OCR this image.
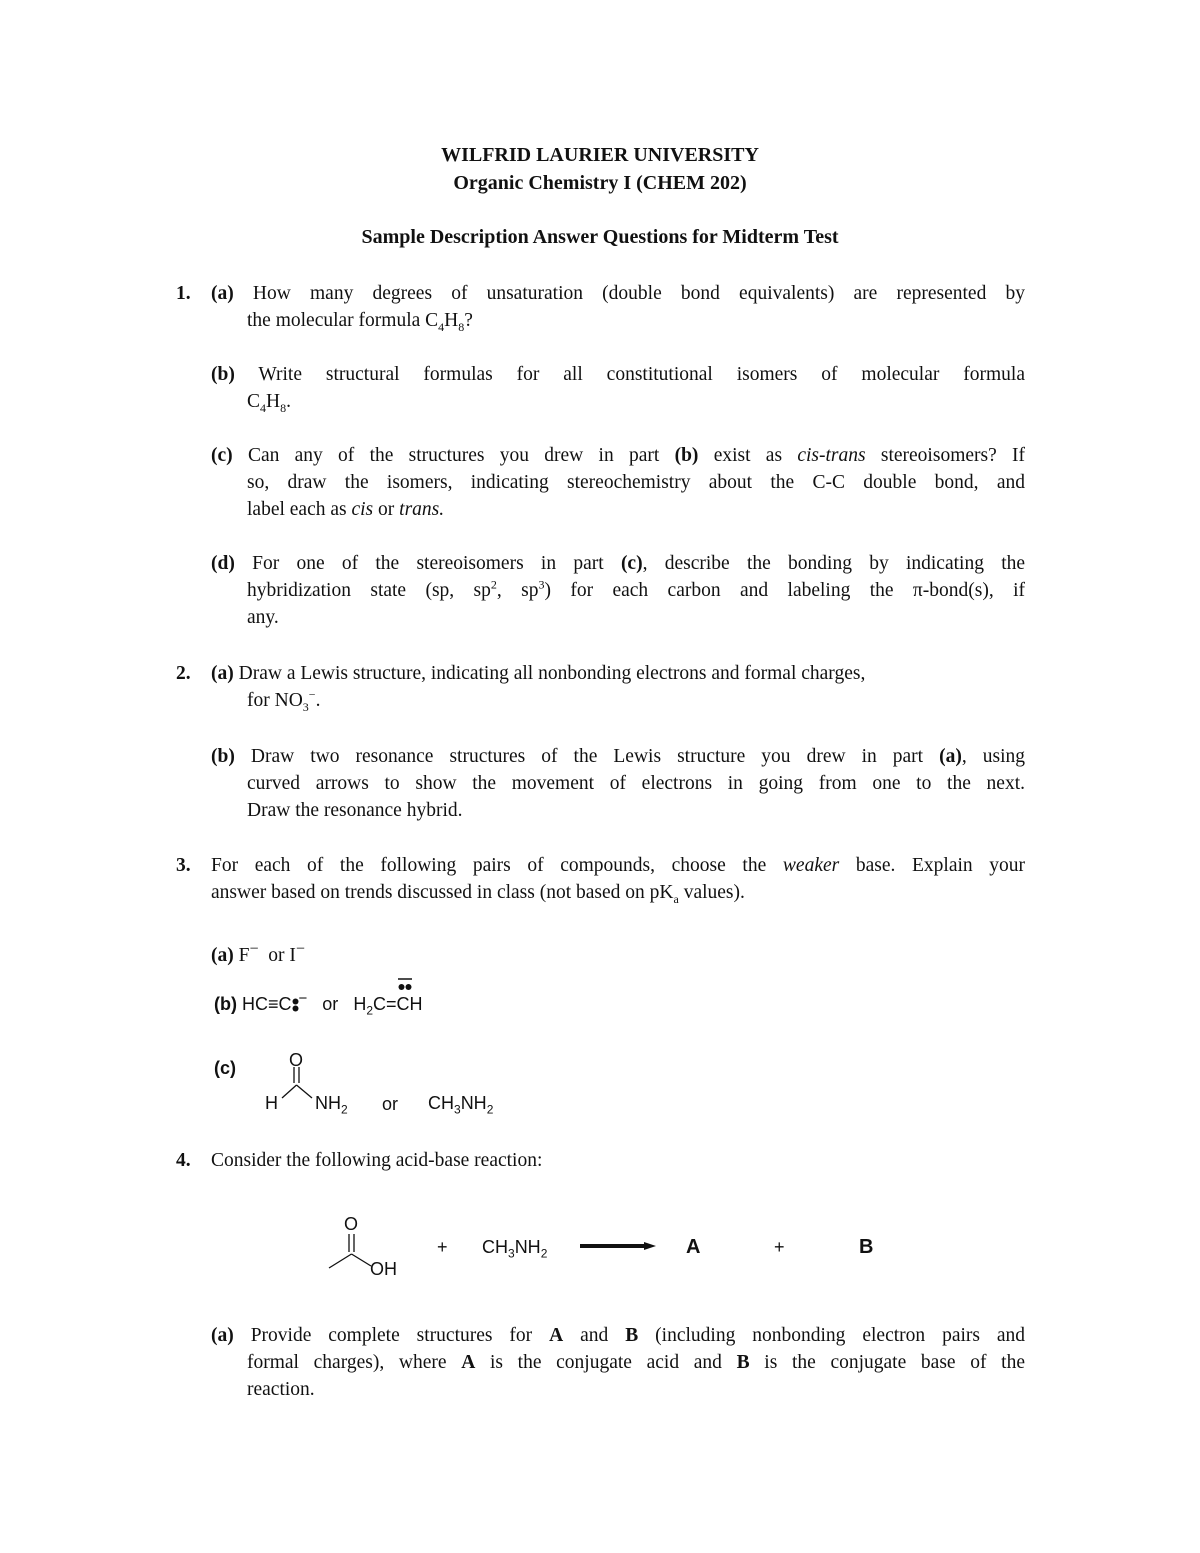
WILFRID LAURIER UNIVERSITY
Organic Chemistry I (CHEM 202)
Sample Description Answer Questions for Midterm Test
1. (a) How many degrees of unsaturation (double bond equivalents) are represented by
the molecular formula $C_4H_8$?
(b) Write structural formulas for all constitutional isomers of molecular formula
$C_4H_8$.
(c) Can any of the structures you drew in part (b) exist as cis-trans stereoisomers? If
so, draw the isomers, indicating stereochemistry about the C-C double bond, and
label each as cis or trans.
(d) For one of the stereoisomers in part (c), describe the bonding by indicating the
hybridization state (sp, $sp^2$, $sp^3$) for each carbon and labeling the π-bond(s), if
any.
2. (a) Draw a Lewis structure, indicating all nonbonding electrons and formal charges,
for $NO_3^-$.
(b) Draw two resonance structures of the Lewis structure you drew in part (a), using
curved arrows to show the movement of electrons in going from one to the next.
Draw the resonance hybrid.
3. For each of the following pairs of compounds, choose the weaker base. Explain your
answer based on trends discussed in class (not based on $pK_a$ values).
(a) F− or I−
(b) HC≡C − or $H_2C=$
CH
(c)	O
H $NH_2$ or $CH_3NH_2$
4. Consider the following acid-base reaction:
O
OH
+ $CH_3NH_2$	A	+	B
(a) Provide complete structures for A and B (including nonbonding electron pairs and
formal charges), where A is the conjugate acid and B is the conjugate base of the
reaction.
